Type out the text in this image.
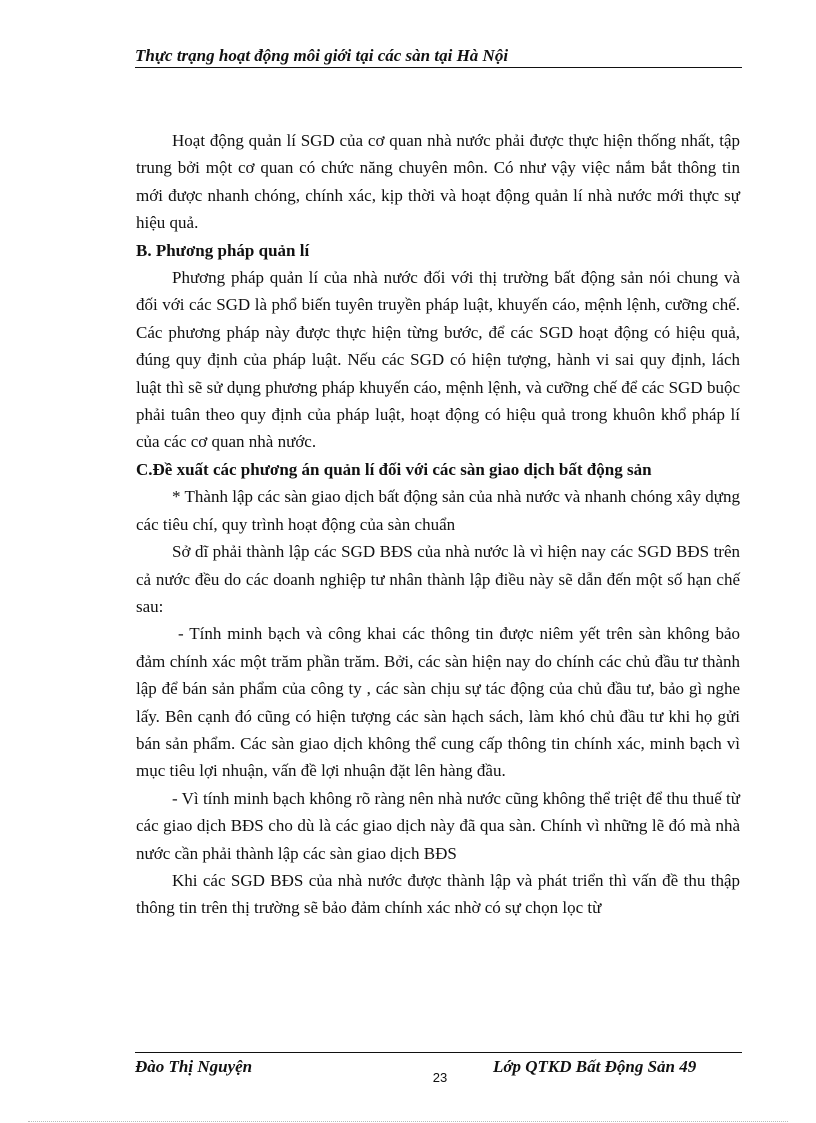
Thực trạng hoạt động môi giới tại các sàn tại Hà Nội

Hoạt động quản lí SGD của cơ quan nhà nước phải được thực hiện thống nhất, tập trung bởi một cơ quan có chức năng chuyên môn. Có như vậy việc nắm bắt thông tin mới được nhanh chóng, chính xác, kịp thời và hoạt động quản lí nhà nước mới thực sự hiệu quả.

B. Phương pháp quản lí

Phương pháp quản lí của nhà nước đối với thị trường bất động sản nói chung và đối với các SGD là phổ biến tuyên truyền pháp luật, khuyến cáo, mệnh lệnh, cưỡng chế. Các phương pháp này được thực hiện từng bước, để các SGD hoạt động có hiệu quả, đúng quy định của pháp luật. Nếu các SGD có hiện tượng, hành vi sai quy định, lách luật thì sẽ sử dụng phương pháp khuyến cáo, mệnh lệnh, và cưỡng chế để các SGD buộc phải tuân theo quy định của pháp luật, hoạt động có hiệu quả trong khuôn khổ pháp lí của các cơ quan nhà nước.

C.Đề xuất các phương án quản lí đối với các sàn giao dịch bất động sản

* Thành lập các sàn giao dịch bất động sản của nhà nước và nhanh chóng xây dựng các tiêu chí, quy trình hoạt động của sàn chuẩn

Sở dĩ phải thành lập các SGD BĐS của nhà nước là vì hiện nay các SGD BĐS trên cả nước đều do các doanh nghiệp tư nhân thành lập điều này sẽ dẫn đến một số hạn chế sau:

- Tính minh bạch và công khai các thông tin được niêm yết trên sàn không bảo đảm chính xác một trăm phần trăm. Bởi, các sàn hiện nay do chính các chủ đầu tư thành lập để bán sản phẩm của công ty , các sàn chịu sự tác động của chủ đầu tư, bảo gì nghe lấy. Bên cạnh đó cũng có hiện tượng các sàn hạch sách, làm khó chủ đầu tư khi họ gửi bán sản phẩm. Các sàn giao dịch không thể cung cấp thông tin chính xác, minh bạch vì mục tiêu lợi nhuận, vấn đề lợi nhuận đặt lên hàng đầu.

- Vì tính minh bạch không rõ ràng nên nhà nước cũng không thể triệt để thu thuế từ các giao dịch BĐS cho dù là các giao dịch này đã qua sàn. Chính vì những lẽ đó mà nhà nước cần phải thành lập các sàn giao dịch BĐS

Khi các SGD BĐS của nhà nước được thành lập và phát triển thì vấn đề thu thập thông tin trên thị trường sẽ bảo đảm chính xác nhờ có sự chọn lọc từ

Đào Thị Nguyện	Lớp QTKD Bất Động Sản 49
23
